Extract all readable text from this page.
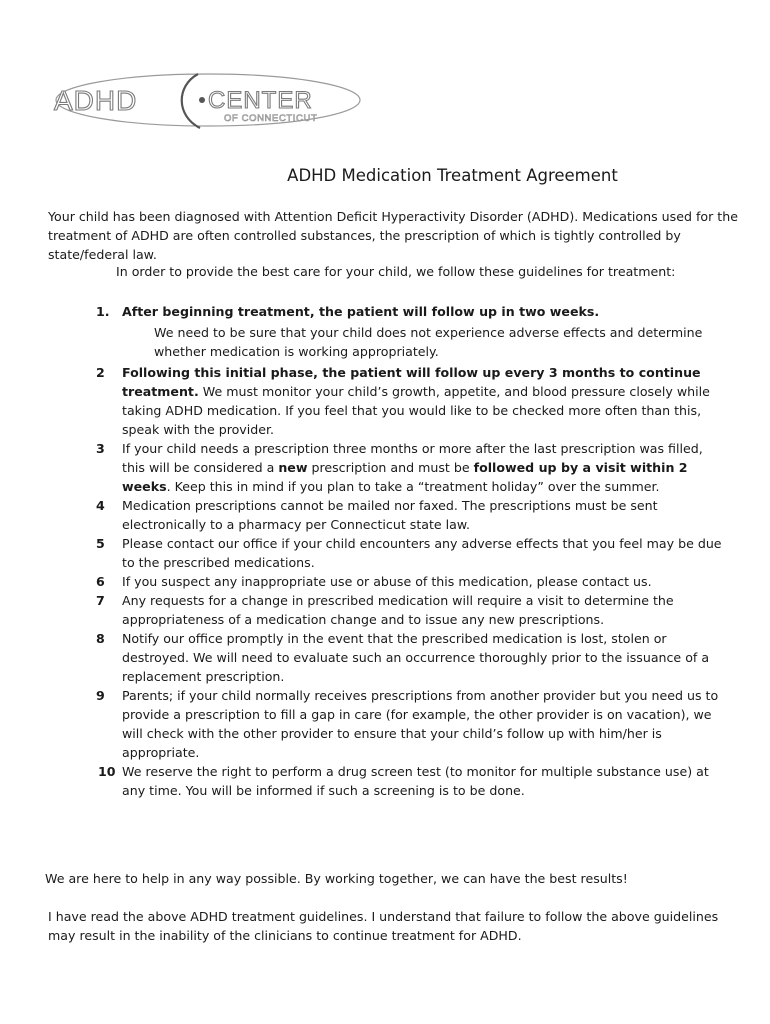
ADHD	CENTER
OF CONNECTICUT
ADHD Medication Treatment Agreement
Your child has been diagnosed with Attention Deficit Hyperactivity Disorder (ADHD). Medications used for the treatment of ADHD are often controlled substances, the prescription of which is tightly controlled by state/federal law.
In order to provide the best care for your child, we follow these guidelines for treatment:
1. After beginning treatment, the patient will follow up in two weeks.
We need to be sure that your child does not experience adverse effects and determine whether medication is working appropriately.
2	Following this initial phase, the patient will follow up every 3 months to continue treatment. We must monitor your child’s growth, appetite, and blood pressure closely while taking ADHD medication. If you feel that you would like to be checked more often than this, speak with the provider.
3	If your child needs a prescription three months or more after the last prescription was filled, this will be considered a new prescription and must be followed up by a visit within 2 weeks. Keep this in mind if you plan to take a “treatment holiday” over the summer.
4	Medication prescriptions cannot be mailed nor faxed. The prescriptions must be sent electronically to a pharmacy per Connecticut state law.
5	Please contact our office if your child encounters any adverse effects that you feel may be due to the prescribed medications.
6	If you suspect any inappropriate use or abuse of this medication, please contact us.
7	Any requests for a change in prescribed medication will require a visit to determine the appropriateness of a medication change and to issue any new prescriptions.
8	Notify our office promptly in the event that the prescribed medication is lost, stolen or destroyed. We will need to evaluate such an occurrence thoroughly prior to the issuance of a replacement prescription.
9	Parents; if your child normally receives prescriptions from another provider but you need us to provide a prescription to fill a gap in care (for example, the other provider is on vacation), we will check with the other provider to ensure that your child’s follow up with him/her is appropriate.
10 We reserve the right to perform a drug screen test (to monitor for multiple substance use) at any time. You will be informed if such a screening is to be done.
We are here to help in any way possible. By working together, we can have the best results!
I have read the above ADHD treatment guidelines. I understand that failure to follow the above guidelines may result in the inability of the clinicians to continue treatment for ADHD.
